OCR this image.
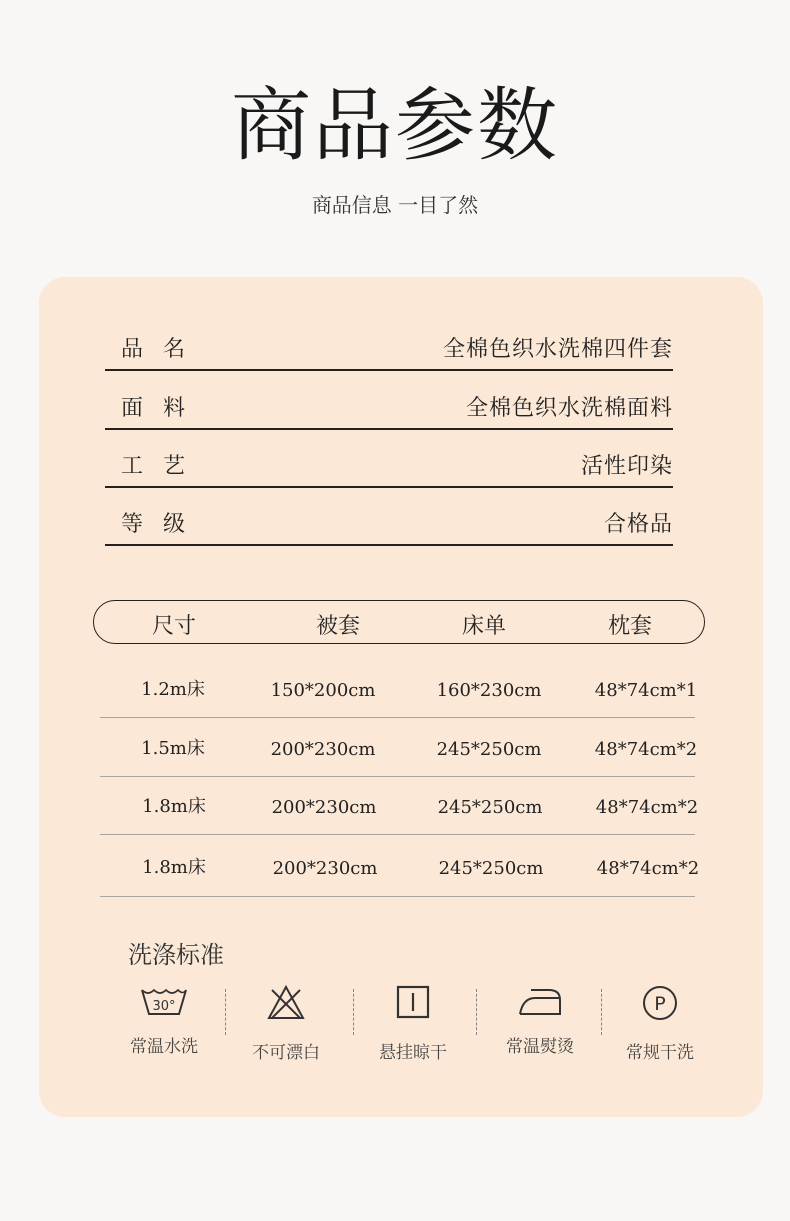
商品参数
商品信息 一目了然
品名	全棉色织水洗棉四件套
面料	全棉色织水洗棉面料
工艺	活性印染
等级	合格品
尺寸	被套	床单	枕套
1.2m床	150*200cm	160*230cm	48*74cm*1
1.5m床	200*230cm	245*250cm	48*74cm*2
1.8m床	200*230cm	245*250cm	48*74cm*2
1.8m床	200*230cm	245*250cm	48*74cm*2
洗涤标准
30°
常温水洗	不可漂白	悬挂晾干	常温熨烫
P
常规干洗
